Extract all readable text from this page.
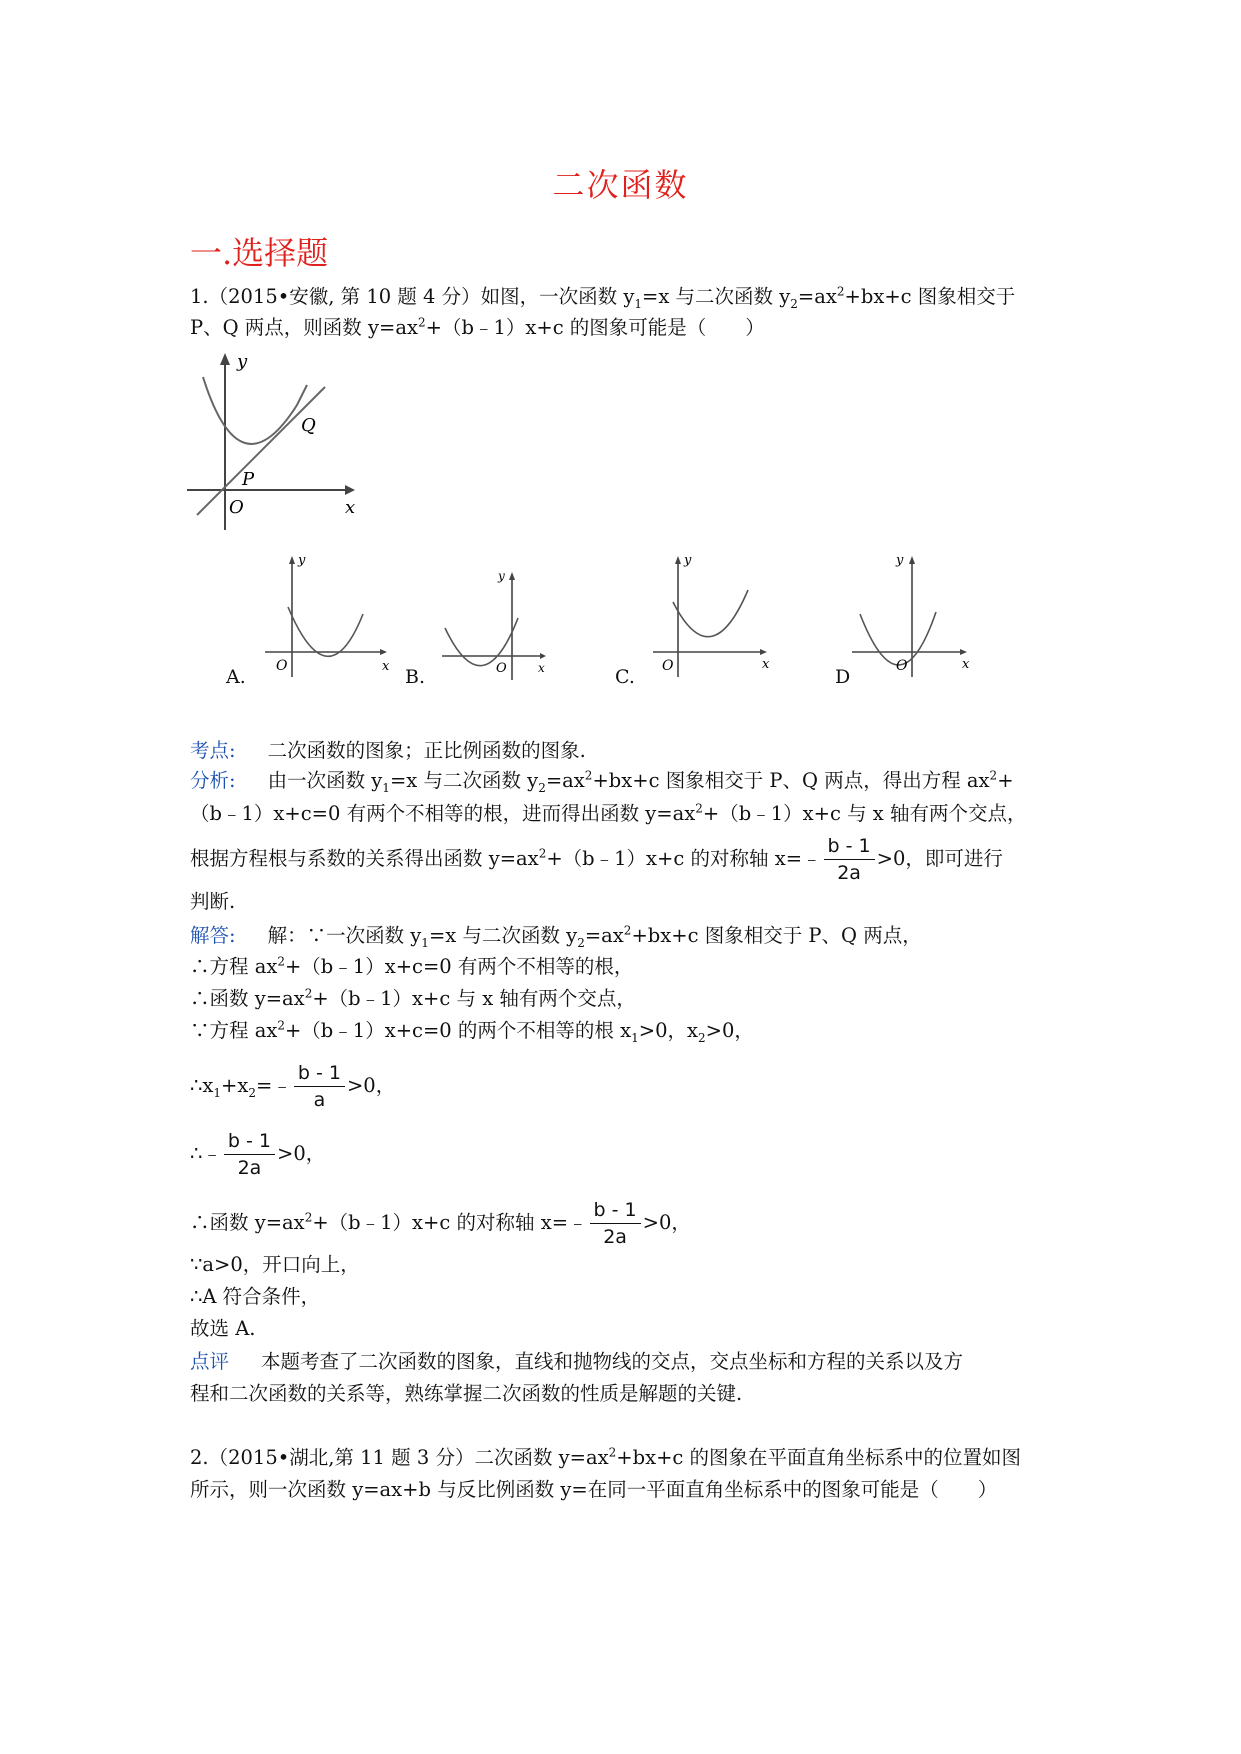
二次函数
一.选择题
1.（2015•安徽, 第 10 题 4 分）如图，一次函数 $y_1=x$ 与二次函数 $y_2=ax^2+bx+c$ 图象相交于
P、Q 两点，则函数 $y=ax^2+(b﹣1)x+c$ 的图象可能是（　　）
y
x
O
P
Q
y
x
O
A.
y
x
O
B.
y
x
O
C.
y
x
O
D
考点: 二次函数的图象；正比例函数的图象.
分析: 由一次函数 $y_1=x$ 与二次函数 $y_2=ax^2+bx+c$ 图象相交于 P、Q 两点，得出方程 $ax^2+$
（b﹣1）x+c=0 有两个不相等的根，进而得出函数 $y=ax^2+(b﹣1)x+c$ 与 x 轴有两个交点，
根据方程根与系数的关系得出函数 $y=ax^2+(b﹣1)x+c$ 的对称轴 x=﹣ $\frac{b - 1}{2a} >0$，即可进行
判断.
解答: 解：∵一次函数 $y_1=x$ 与二次函数 $y_2=ax^2+bx+c$ 图象相交于 P、Q 两点，
∴方程 $ax^2+(b﹣1)x+c=0$ 有两个不相等的根，
∴函数 $y=ax^2+(b﹣1)x+c$ 与 x 轴有两个交点，
∵方程 $ax^2+(b﹣1)x+c=0$ 的两个不相等的根 $x_1>0$，$x_2>0$，
$\therefore x_1+x_2=﹣ \frac{b - 1}{a} >0$，
∴﹣ $\frac{b - 1}{2a} >0$，
∴函数 $y=ax^2+(b﹣1)x+c$ 的对称轴 x=﹣ $\frac{b - 1}{2a} >0$，
∵a>0，开口向上，
∴A 符合条件，
故选 A.
点评 本题考查了二次函数的图象，直线和抛物线的交点，交点坐标和方程的关系以及方
程和二次函数的关系等，熟练掌握二次函数的性质是解题的关键.
2.（2015•湖北,第 11 题 3 分）二次函数 $y=ax^2+bx+c$ 的图象在平面直角坐标系中的位置如图
所示，则一次函数 y=ax+b 与反比例函数 y=在同一平面直角坐标系中的图象可能是（　　）
